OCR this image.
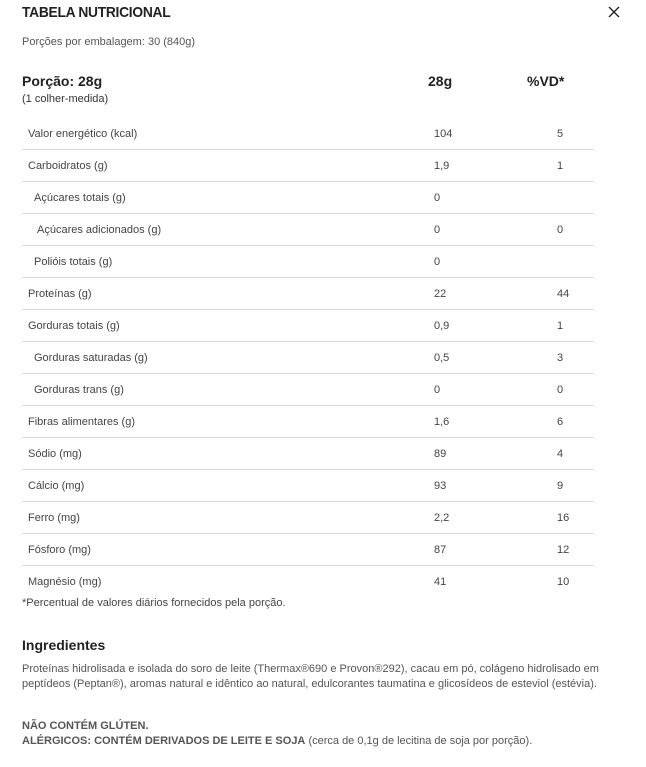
TABELA NUTRICIONAL
Porções por embalagem: 30 (840g)
Porção: 28g
(1 colher-medida)
28g	%VD*
Valor energético (kcal)	104	5
Carboidratos (g)	1,9	1
Açúcares totais (g)	0
Açúcares adicionados (g)	0	0
Polióis totais (g)	0
Proteínas (g)	22	44
Gorduras totais (g)	0,9	1
Gorduras saturadas (g)	0,5	3
Gorduras trans (g)	0	0
Fibras alimentares (g)	1,6	6
Sódio (mg)	89	4
Cálcio (mg)	93	9
Ferro (mg)	2,2	16
Fósforo (mg)	87	12
Magnésio (mg)	41	10
*Percentual de valores diários fornecidos pela porção.
Ingredientes
Proteínas hidrolisada e isolada do soro de leite (Thermax®690 e Provon®292), cacau em pó, colágeno hidrolisado em peptídeos (Peptan®), aromas natural e idêntico ao natural, edulcorantes taumatina e glicosídeos de esteviol (estévia).
NÃO CONTÉM GLÚTEN.
ALÉRGICOS: CONTÉM DERIVADOS DE LEITE E SOJA (cerca de 0,1g de lecitina de soja por porção).
